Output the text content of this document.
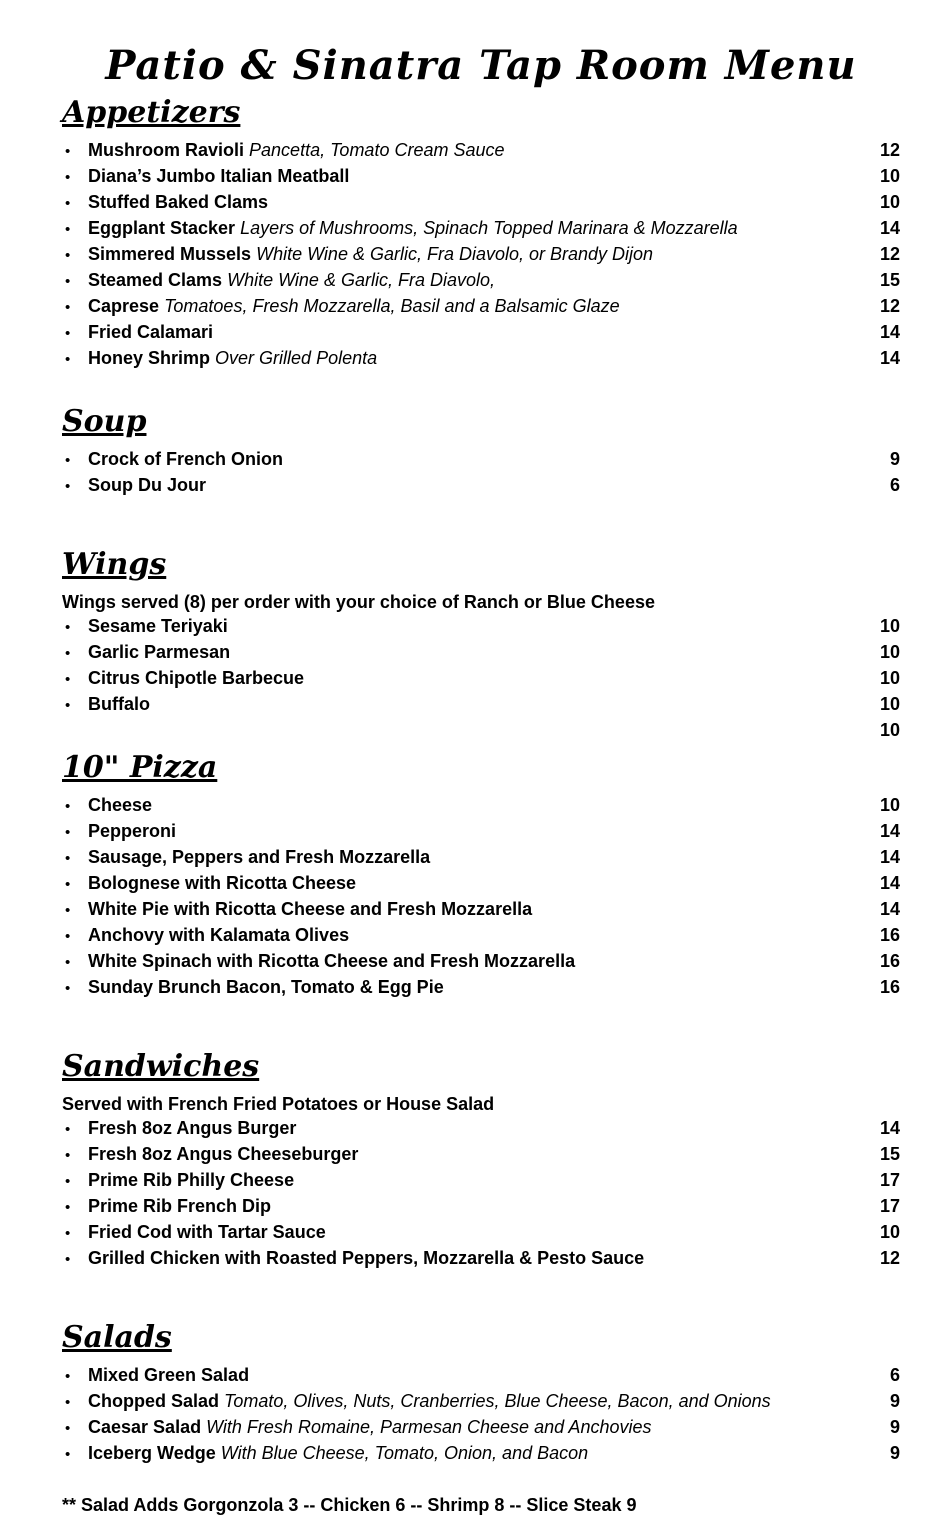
Patio & Sinatra Tap Room Menu
Appetizers
• Mushroom Ravioli Pancetta, Tomato Cream Sauce	12
• Diana’s Jumbo Italian Meatball	10
• Stuffed Baked Clams	10
• Eggplant Stacker Layers of Mushrooms, Spinach Topped Marinara & Mozzarella	14
• Simmered Mussels White Wine & Garlic, Fra Diavolo, or Brandy Dijon	12
• Steamed Clams White Wine & Garlic, Fra Diavolo,	15
• Caprese Tomatoes, Fresh Mozzarella, Basil and a Balsamic Glaze	12
• Fried Calamari	14
• Honey Shrimp Over Grilled Polenta	14
Soup
• Crock of French Onion	9
• Soup Du Jour	6
Wings

Wings served (8) per order with your choice of Ranch or Blue Cheese

• Sesame Teriyaki	10
• Garlic Parmesan	10
• Citrus Chipotle Barbecue	10
• Buffalo	10
10
10" Pizza
• Cheese	10
• Pepperoni	14
• Sausage, Peppers and Fresh Mozzarella	14
• Bolognese with Ricotta Cheese	14
• White Pie with Ricotta Cheese and Fresh Mozzarella	14
• Anchovy with Kalamata Olives	16
• White Spinach with Ricotta Cheese and Fresh Mozzarella	16
• Sunday Brunch Bacon, Tomato & Egg Pie	16
Sandwiches

Served with French Fried Potatoes or House Salad

• Fresh 8oz Angus Burger	14
• Fresh 8oz Angus Cheeseburger	15
• Prime Rib Philly Cheese	17
• Prime Rib French Dip	17
• Fried Cod with Tartar Sauce	10
• Grilled Chicken with Roasted Peppers, Mozzarella & Pesto Sauce	12
Salads
• Mixed Green Salad	6
• Chopped Salad Tomato, Olives, Nuts, Cranberries, Blue Cheese, Bacon, and Onions	9
• Caesar Salad With Fresh Romaine, Parmesan Cheese and Anchovies	9
• Iceberg Wedge With Blue Cheese, Tomato, Onion, and Bacon	9

** Salad Adds Gorgonzola 3 -- Chicken 6 -- Shrimp 8 -- Slice Steak 9
